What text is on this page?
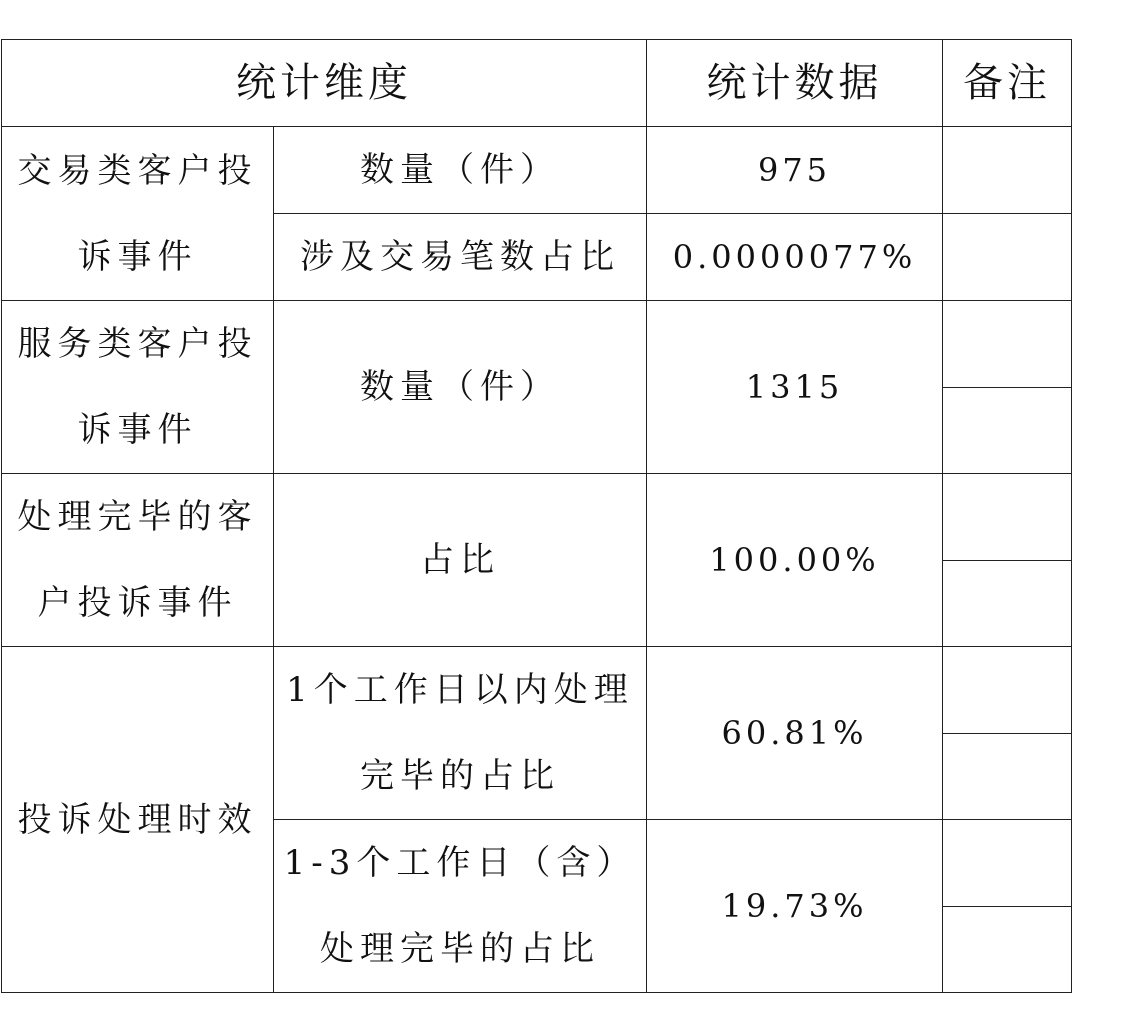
统计维度		统计数据	备注
交易类客户投诉事件	数量（件）	975	
	涉及交易笔数占比	0.0000077%	
服务类客户投诉事件	数量（件）	1315	

处理完毕的客户投诉事件	占比	100.00%	

投诉处理时效	1个工作日以内处理完毕的占比	60.81%	

	1-3个工作日（含）处理完毕的占比	19.73%	
